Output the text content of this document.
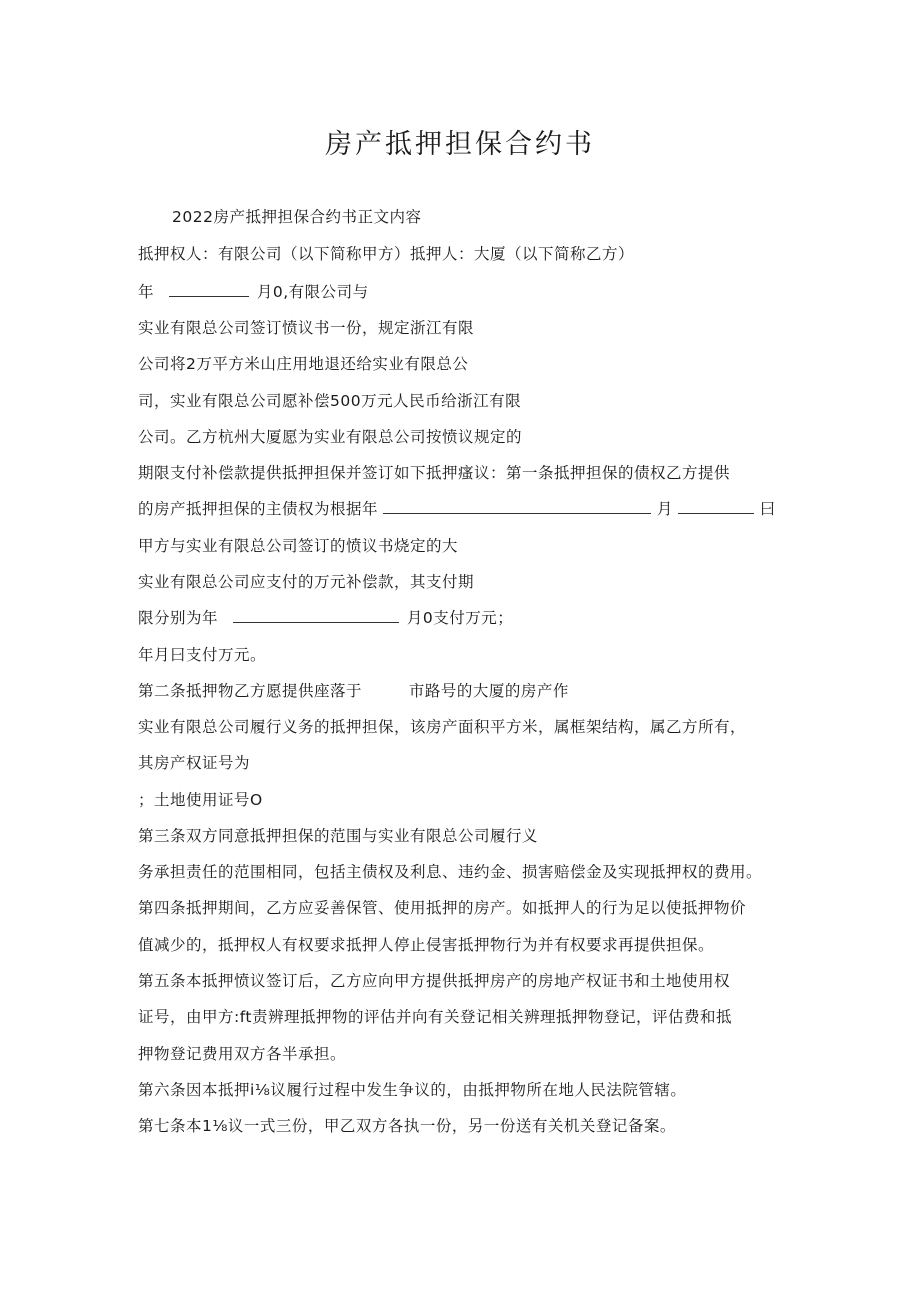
房产抵押担保合约书
2022房产抵押担保合约书正文内容
抵押权人：有限公司（以下简称甲方）抵押人：大厦（以下简称乙方）
年	月0,有限公司与
实业有限总公司签订愤议书一份，规定浙江有限
公司将2万平方米山庄用地退还给实业有限总公
司，实业有限总公司愿补偿500万元人民币给浙江有限
公司。乙方杭州大厦愿为实业有限总公司按愤议规定的
期限支付补偿款提供抵押担保并签订如下抵押瘙议：第一条抵押担保的债权乙方提供
的房产抵押担保的主债权为根据年	月	曰
甲方与实业有限总公司签订的愤议书烧定的大
实业有限总公司应支付的万元补偿款，其支付期
限分别为年	月0支付万元；
年月曰支付万元。
第二条抵押物乙方愿提供座落于	市路号的大厦的房产作
实业有限总公司履行义务的抵押担保，该房产面积平方米，属框架结构，属乙方所有，
其房产权证号为
；土地使用证号O
第三条双方同意抵押担保的范围与实业有限总公司履行义
务承担责任的范围相同，包括主债权及利息、违约金、损害赔偿金及实现抵押权的费用。
第四条抵押期间，乙方应妥善保管、使用抵押的房产。如抵押人的行为足以使抵押物价
值减少的，抵押权人有权要求抵押人停止侵害抵押物行为并有权要求再提供担保。
第五条本抵押愤议签订后，乙方应向甲方提供抵押房产的房地产权证书和土地使用权
证号，由甲方:ft责辨理抵押物的评估并向有关登记相关辨理抵押物登记，评估费和抵
押物登记费用双方各半承担。
第六条因本抵押i⅛议履行过程中发生争议的，由抵押物所在地人民法院管辖。
第七条本1⅛议一式三份，甲乙双方各执一份，另一份送有关机关登记备案。
